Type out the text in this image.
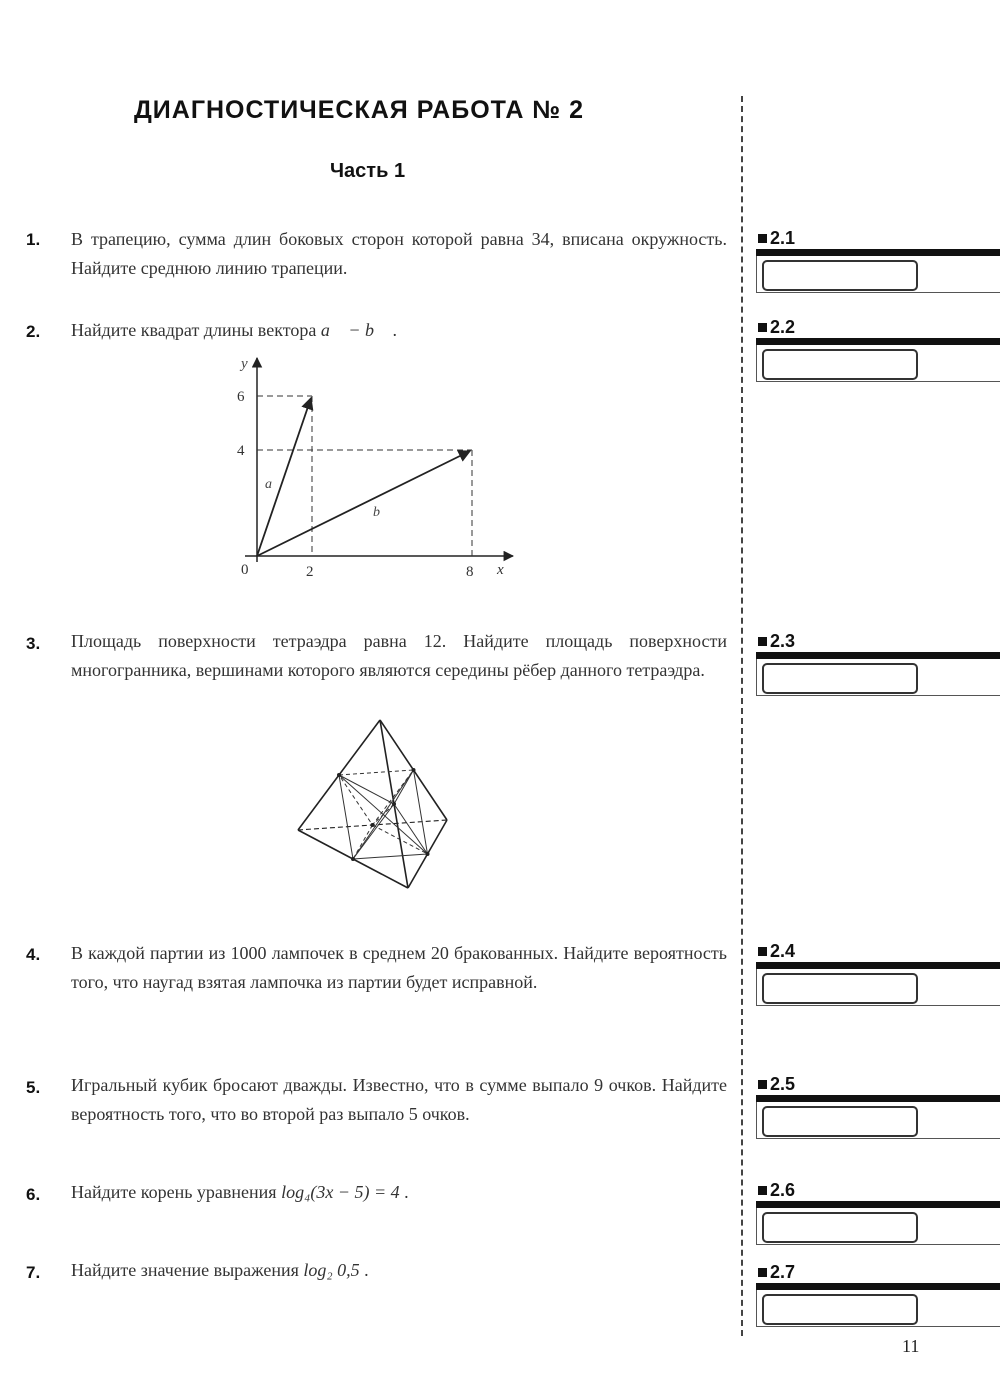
ДИАГНОСТИЧЕСКАЯ РАБОТА № 2
Часть 1
1. В трапецию, сумма длин боковых сторон которой равна 34, вписана окружность. Найдите среднюю линию трапеции.
2. Найдите квадрат длины вектора a⃗ − b⃗ .
y
6
4
0	2	8 x
a⃗
b⃗
3. Площадь поверхности тетраэдра равна 12. Найдите площадь поверхности многогранника, вершинами которого являются середины рёбер данного тетраэдра.
4. В каждой партии из 1000 лампочек в среднем 20 бракованных. Найдите вероятность того, что наугад взятая лампочка из партии будет исправной.
5. Игральный кубик бросают дважды. Известно, что в сумме выпало 9 очков. Найдите вероятность того, что во второй раз выпало 5 очков.
6. Найдите корень уравнения log₄(3x − 5) = 4 .
7. Найдите значение выражения log₂ 0,5 .
2.1
2.2
2.3
2.4
2.5
2.6
2.7
11
